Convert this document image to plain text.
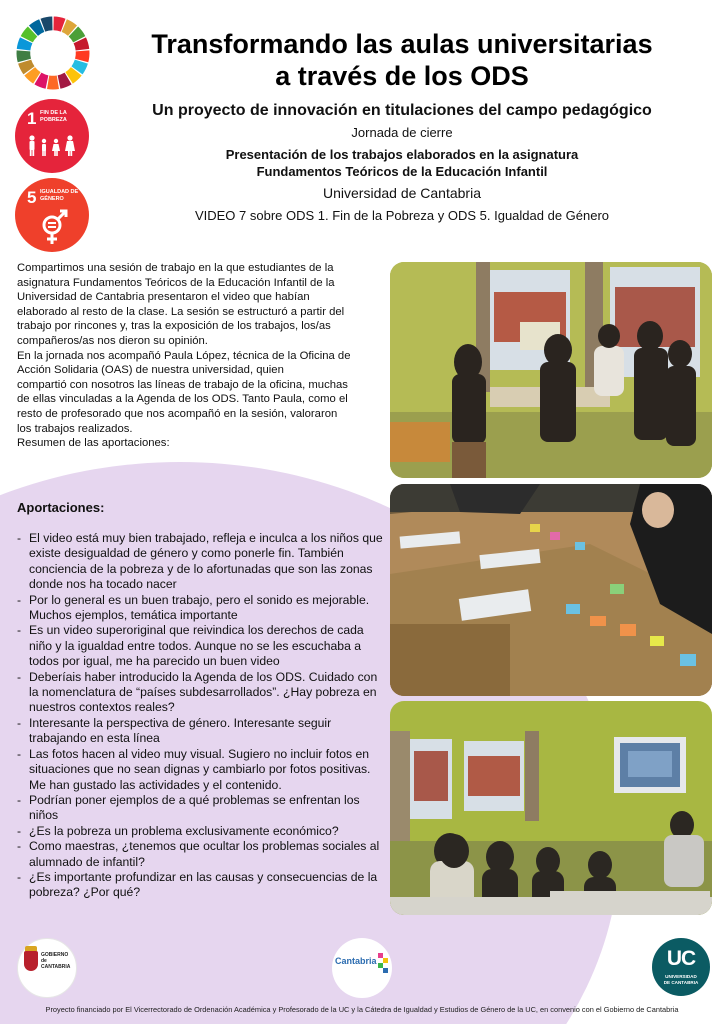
1 FIN DE LA POBREZA
5 IGUALDAD DE GÉNERO
Transformando las aulas universitarias
a través de los ODS
Un proyecto de innovación en titulaciones del campo pedagógico
Jornada de cierre
Presentación de los trabajos elaborados en la asignatura
Fundamentos Teóricos de la Educación Infantil
Universidad de Cantabria
VIDEO 7 sobre ODS 1. Fin de la Pobreza y ODS 5. Igualdad de Género

Compartimos una sesión de trabajo en la que estudiantes de la

asignatura Fundamentos Teóricos de la Educación Infantil de la

Universidad de Cantabria presentaron el video que habían

elaborado al resto de la clase. La sesión se estructuró a partir del

trabajo por rincones y, tras la exposición de los trabajos, los/as

compañeros/as nos dieron su opinión.

En la jornada nos acompañó Paula López, técnica de la Oficina de

Acción Solidaria (OAS) de nuestra universidad, quien

compartió con nosotros las líneas de trabajo de la oficina, muchas

de ellas vinculadas a la Agenda de los ODS. Tanto Paula, como el

resto de profesorado que nos acompañó en la sesión, valoraron

los trabajos realizados.

Resumen de las aportaciones:

Aportaciones:
- El video está muy bien trabajado, refleja e inculca a los niños que existe desigualdad de género y como ponerle fin. También conciencia de la pobreza y de lo afortunadas que son las zonas donde nos ha tocado nacer
- Por lo general es un buen trabajo, pero el sonido es mejorable. Muchos ejemplos, temática importante
- Es un video superoriginal que reivindica los derechos de cada niño y la igualdad entre todos. Aunque no se les escuchaba a todos por igual, me ha parecido un buen video
- Deberíais haber introducido la Agenda de los ODS. Cuidado con la nomenclatura de “países subdesarrollados”. ¿Hay pobreza en nuestros contextos reales?
- Interesante la perspectiva de género. Interesante seguir trabajando en esta línea
- Las fotos hacen al video muy visual. Sugiero no incluir fotos en situaciones que no sean dignas y cambiarlo por fotos positivas. Me han gustado las actividades y el contenido.
- Podrían poner ejemplos de a qué problemas se enfrentan los niños
- ¿Es la pobreza un problema exclusivamente económico?
- Como maestras, ¿tenemos que ocultar los problemas sociales al alumnado de infantil?
- ¿Es importante profundizar en las causas y consecuencias de la pobreza? ¿Por qué?
GOBIERNO
de
CANTABRIA
Cantabria	UC
UNIVERSIDAD
DE CANTABRIA
Proyecto financiado por El Vicerrectorado de Ordenación Académica y Profesorado de la UC y la Cátedra de Igualdad y Estudios de Género de la UC, en convenio con el Gobierno de Cantabria
